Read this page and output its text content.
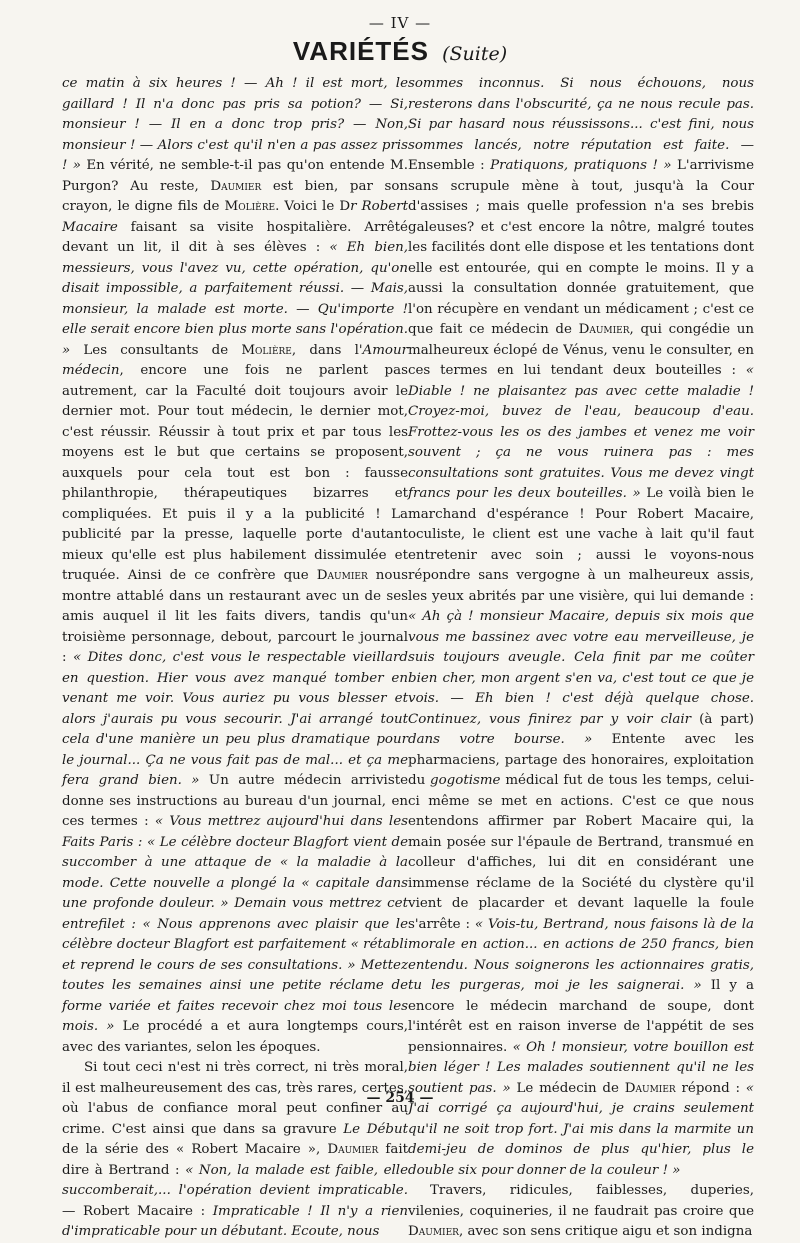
— IV —
VARIÉTÉS (Suite)

ce matin à six heures ! — Ah ! il est mort, le gaillard ! Il n'a donc pas pris sa potion? — Si, monsieur ! — Il en a donc trop pris? — Non, monsieur ! — Alors c'est qu'il n'en a pas assez pris ! » En vérité, ne semble-t-il pas qu'on entende M. Purgon? Au reste, Daumier est bien, par son crayon, le digne fils de Molière. Voici le Dr Robert Macaire faisant sa visite hospitalière. Arrêté devant un lit, il dit à ses élèves : « Eh bien, messieurs, vous l'avez vu, cette opération, qu'on disait impossible, a parfaitement réussi. — Mais, monsieur, la malade est morte. — Qu'importe ! elle serait encore bien plus morte sans l'opération. » Les consultants de Molière, dans l'Amour médecin, encore une fois ne parlent pas autrement, car la Faculté doit toujours avoir le dernier mot. Pour tout médecin, le dernier mot, c'est réussir. Réussir à tout prix et par tous les moyens est le but que certains se proposent, auxquels pour cela tout est bon : fausse philanthropie, thérapeutiques bizarres et compliquées. Et puis il y a la publicité ! La publicité par la presse, laquelle porte d'autant mieux qu'elle est plus habilement dissimulée et truquée. Ainsi de ce confrère que Daumier nous montre attablé dans un restaurant avec un de ses amis auquel il lit les faits divers, tandis qu'un troisième personnage, debout, parcourt le journal : « Dites donc, c'est vous le respectable vieillard en question. Hier vous avez manqué tomber en venant me voir. Vous auriez pu vous blesser et alors j'aurais pu vous secourir. J'ai arrangé tout cela d'une manière un peu plus dramatique pour le journal... Ça ne vous fait pas de mal... et ça me fera grand bien. » Un autre médecin arriviste donne ses instructions au bureau d'un journal, en ces termes : « Vous mettrez aujourd'hui dans les Faits Paris : « Le célèbre docteur Blagfort vient de succomber à une attaque de « la maladie à la mode. Cette nouvelle a plongé la « capitale dans une profonde douleur. » Demain vous mettrez cet entrefilet : « Nous apprenons avec plaisir que le célèbre docteur Blagfort est parfaitement « rétabli et reprend le cours de ses consultations. » Mettez toutes les semaines ainsi une petite réclame de forme variée et faites recevoir chez moi tous les mois. » Le procédé a et aura longtemps cours, avec des variantes, selon les époques.

Si tout ceci n'est ni très correct, ni très moral, il est malheureusement des cas, très rares, certes, où l'abus de confiance moral peut confiner au crime. C'est ainsi que dans sa gravure Le Début de la série des « Robert Macaire », Daumier fait dire à Bertrand : « Non, la malade est faible, elle succomberait,... l'opération devient impraticable. — Robert Macaire : Impraticable ! Il n'y a rien d'impraticable pour un débutant. Ecoute, nous

sommes inconnus. Si nous échouons, nous resterons dans l'obscurité, ça ne nous recule pas. Si par hasard nous réussissons... c'est fini, nous sommes lancés, notre réputation est faite. — Ensemble : Pratiquons, pratiquons ! » L'arrivisme sans scrupule mène à tout, jusqu'à la Cour d'assises ; mais quelle profession n'a ses brebis galeuses? et c'est encore la nôtre, malgré toutes les facilités dont elle dispose et les tentations dont elle est entourée, qui en compte le moins. Il y a aussi la consultation donnée gratuitement, que l'on récupère en vendant un médicament ; c'est ce que fait ce médecin de Daumier, qui congédie un malheureux éclopé de Vénus, venu le consulter, en ces termes en lui tendant deux bouteilles : « Diable ! ne plaisantez pas avec cette maladie ! Croyez-moi, buvez de l'eau, beaucoup d'eau. Frottez-vous les os des jambes et venez me voir souvent ; ça ne vous ruinera pas : mes consultations sont gratuites. Vous me devez vingt francs pour les deux bouteilles. » Le voilà bien le marchand d'espérance ! Pour Robert Macaire, oculiste, le client est une vache à lait qu'il faut entretenir avec soin ; aussi le voyons-nous répondre sans vergogne à un malheureux assis, les yeux abrités par une visière, qui lui demande : « Ah çà ! monsieur Macaire, depuis six mois que vous me bassinez avec votre eau merveilleuse, je suis toujours aveugle. Cela finit par me coûter bien cher, mon argent s'en va, c'est tout ce que je vois. — Eh bien ! c'est déjà quelque chose. Continuez, vous finirez par y voir clair (à part) dans votre bourse. » Entente avec les pharmaciens, partage des honoraires, exploitation du gogotisme médical fut de tous les temps, celui-ci même se met en actions. C'est ce que nous entendons affirmer par Robert Macaire qui, la main posée sur l'épaule de Bertrand, transmué en colleur d'affiches, lui dit en considérant une immense réclame de la Société du clystère qu'il vient de placarder et devant laquelle la foule s'arrête : « Vois-tu, Bertrand, nous faisons là de la morale en action... en actions de 250 francs, bien entendu. Nous soignerons les actionnaires gratis, tu les purgeras, moi je les saignerai. » Il y a encore le médecin marchand de soupe, dont l'intérêt est en raison inverse de l'appétit de ses pensionnaires. « Oh ! monsieur, votre bouillon est bien léger ! Les malades soutiennent qu'il ne les soutient pas. » Le médecin de Daumier répond : « J'ai corrigé ça aujourd'hui, je crains seulement qu'il ne soit trop fort. J'ai mis dans la marmite un demi-jeu de dominos de plus qu'hier, plus le double six pour donner de la couleur ! »

Travers, ridicules, faiblesses, duperies, vilenies, coquineries, il ne faudrait pas croire que Daumier, avec son sens critique aigu et son indigna

— 254 —
